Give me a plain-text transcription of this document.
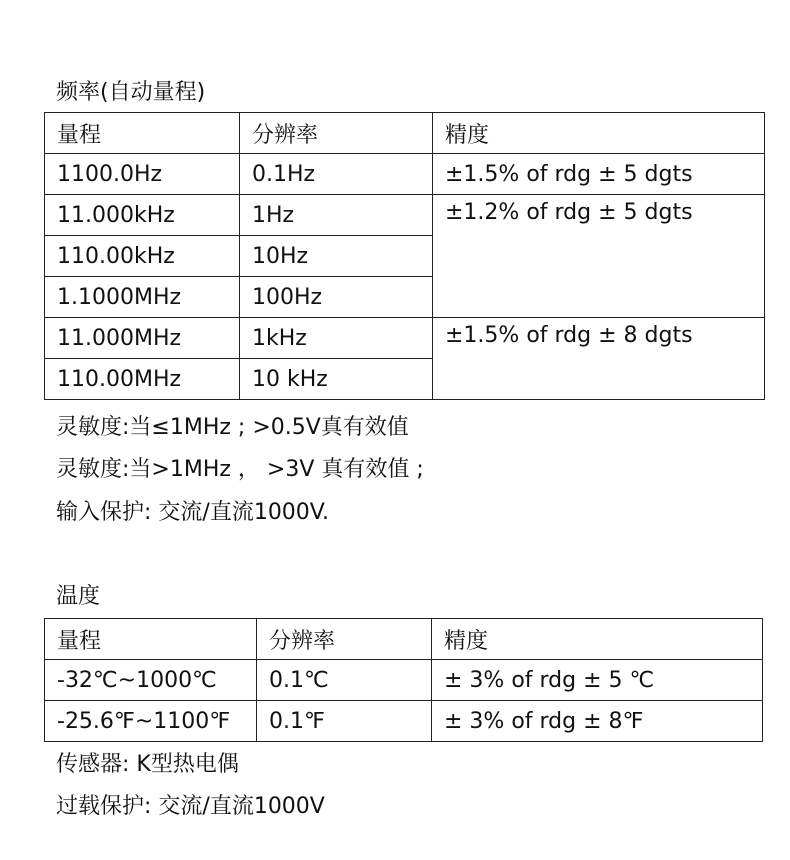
频率(自动量程)
量程	分辨率	精度
1100.0Hz	0.1Hz	±1.5% of rdg ± 5 dgts
11.000kHz	1Hz	±1.2% of rdg ± 5 dgts
110.00kHz	10Hz	
1.1000MHz	100Hz	
11.000MHz	1kHz	±1.5% of rdg ± 8 dgts
110.00MHz	10 kHz	
灵敏度:当≤1MHz ; >0.5V真有效值
灵敏度:当>1MHz ， >3V 真有效值 ;
输入保护: 交流/直流1000V.
温度
量程	分辨率	精度
-32℃~1000℃	0.1℃	± 3% of rdg ± 5 ℃
-25.6℉~1100℉	0.1℉	± 3% of rdg ± 8℉
传感器: K型热电偶
过载保护: 交流/直流1000V
